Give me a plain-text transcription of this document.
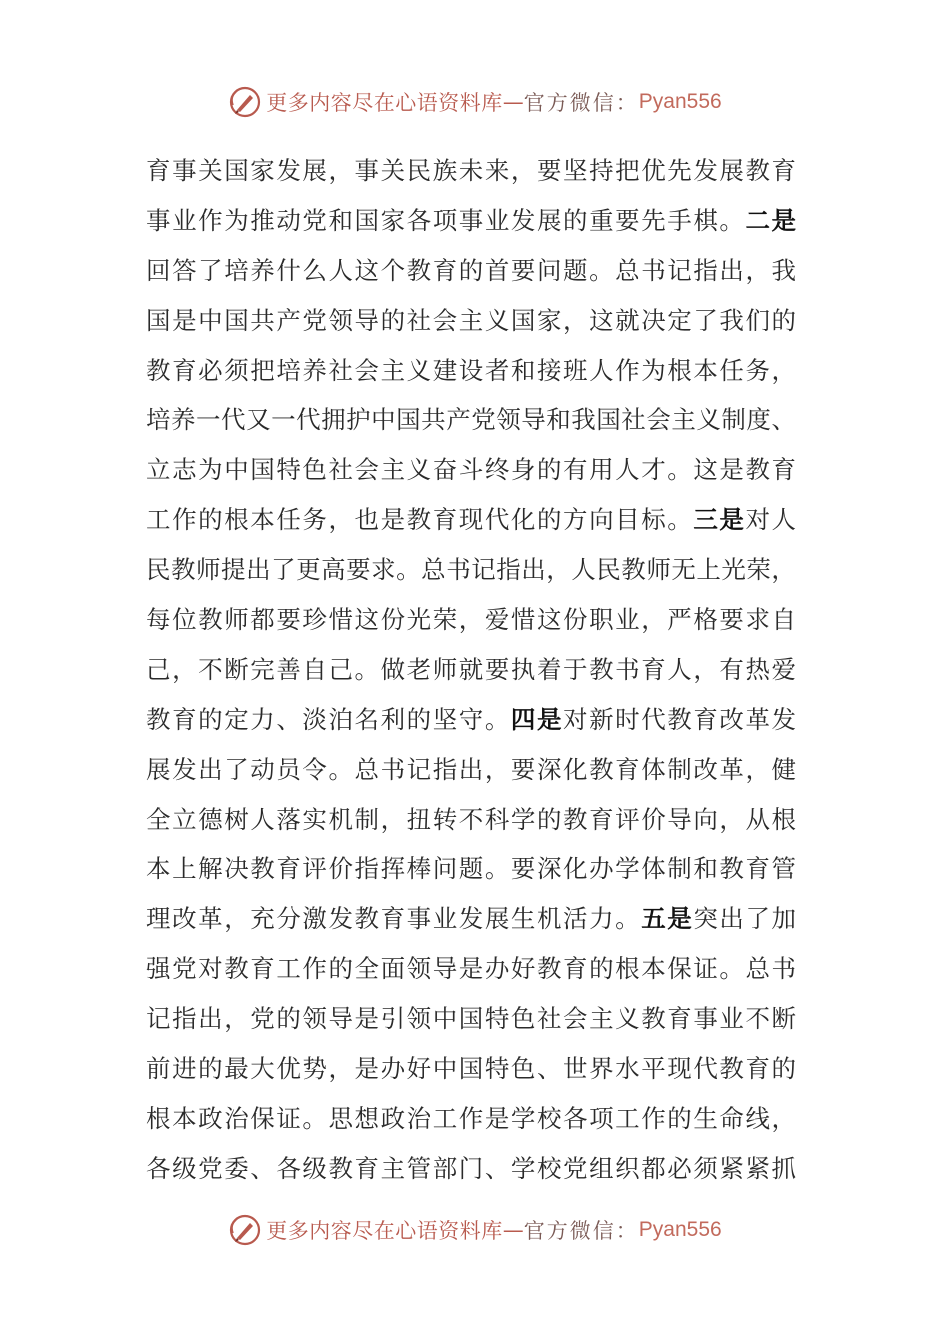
更多内容尽在心语资料库 — 官方微信： Pyan556
育 事 关 国 家 发 展 ， 事 关 民 族 未 来 ， 要 坚 持 把 优 先 发 展 教 育
事 业 作 为 推 动 党 和 国 家 各 项 事 业 发 展 的 重 要 先 手 棋 。 二 是
回 答 了 培 养 什 么 人 这 个 教 育 的 首 要 问 题 。 总 书 记 指 出 ， 我
国 是 中 国 共 产 党 领 导 的 社 会 主 义 国 家 ， 这 就 决 定 了 我 们 的
教 育 必 须 把 培 养 社 会 主 义 建 设 者 和 接 班 人 作 为 根 本 任 务 ，
培 养 一 代 又 一 代 拥 护 中 国 共 产 党 领 导 和 我 国 社 会 主 义 制 度 、
立 志 为 中 国 特 色 社 会 主 义 奋 斗 终 身 的 有 用 人 才 。 这 是 教 育
工 作 的 根 本 任 务 ， 也 是 教 育 现 代 化 的 方 向 目 标 。 三 是 对 人
民 教 师 提 出 了 更 高 要 求 。 总 书 记 指 出 ， 人 民 教 师 无 上 光 荣 ，
每 位 教 师 都 要 珍 惜 这 份 光 荣 ， 爱 惜 这 份 职 业 ， 严 格 要 求 自
己 ， 不 断 完 善 自 己 。 做 老 师 就 要 执 着 于 教 书 育 人 ， 有 热 爱
教 育 的 定 力 、 淡 泊 名 利 的 坚 守 。 四 是 对 新 时 代 教 育 改 革 发
展 发 出 了 动 员 令 。 总 书 记 指 出 ， 要 深 化 教 育 体 制 改 革 ， 健
全 立 德 树 人 落 实 机 制 ， 扭 转 不 科 学 的 教 育 评 价 导 向 ， 从 根
本 上 解 决 教 育 评 价 指 挥 棒 问 题 。 要 深 化 办 学 体 制 和 教 育 管
理 改 革 ， 充 分 激 发 教 育 事 业 发 展 生 机 活 力 。 五 是 突 出 了 加
强 党 对 教 育 工 作 的 全 面 领 导 是 办 好 教 育 的 根 本 保 证 。 总 书
记 指 出 ， 党 的 领 导 是 引 领 中 国 特 色 社 会 主 义 教 育 事 业 不 断
前 进 的 最 大 优 势 ， 是 办 好 中 国 特 色 、 世 界 水 平 现 代 教 育 的
根 本 政 治 保 证 。 思 想 政 治 工 作 是 学 校 各 项 工 作 的 生 命 线 ，
各 级 党 委 、 各 级 教 育 主 管 部 门 、 学 校 党 组 织 都 必 须 紧 紧 抓
更多内容尽在心语资料库 — 官方微信： Pyan556
